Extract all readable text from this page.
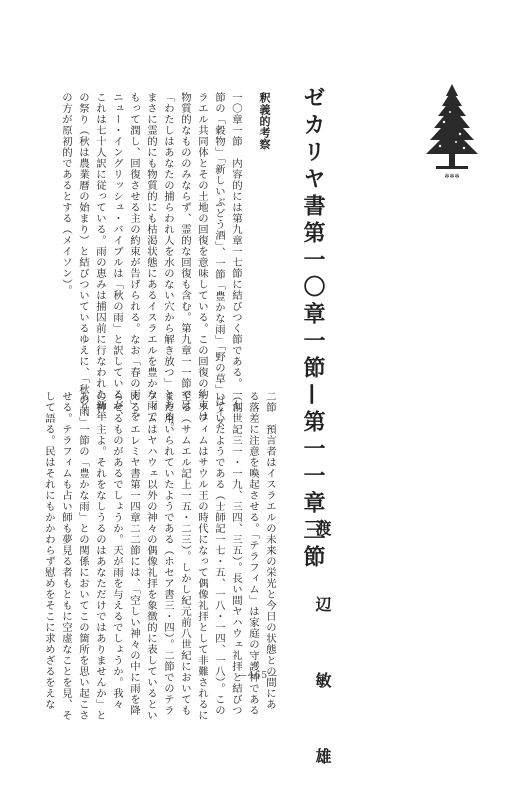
✻✻✻
ゼカリヤ書第一〇章一節—第一一章三節
渡　辺　敏　雄
釈義的考察
一〇章一節　内容的には第九章一七節に結びつく節である。一七
節の「穀物」「新しいぶどう酒」、一節「豊かな雨」「野の草」はイス
ラエル共同体とその土地の回復を意味している。この回復の約束は
物質的なもののみならず、霊的な回復も含む。第九章一一節では
「わたしはあなたの捕らわれ人を水のない穴から解き放つ」とある。
まさに霊的にも物質的にも枯渇状態にあるイスラエルを豊かな雨で
もって潤し、回復させる主の約束が告げられる。なお「春の雨」を
ニュー・イングリッシュ・バイブルは「秋の雨」と訳しているが、
これは七十人訳に従っている。雨の恵みは捕囚前に行なわれた新年
の祭り（秋は農業暦の始まり）と結びついているゆえに、「秋の雨」
の方が原初的であるとする（メイソン）。
二節　預言者はイスラエルの未来の栄光と今日の状態との間にあ
る落差に注意を喚起させる。「テラフィム」は家庭の守護神である
（創世記三一・一九、三四、三五）。長い間ヤハウェ礼拝と結びつ
いていたようである（士師記一七・五、一八・一四、一八）。この
テラフィムはサウル王の時代になって偶像礼拝として非難されるに
至る（サムエル記上一五・二三）。しかし紀元前八世紀においても
まだ用いられていたようである（ホセア書三・四）。二節でのテラ
フィムはヤハウェ以外の神々の偶像礼拝を象徴的に表しているとい
える。エレミヤ書第一四章二二節には、「空しい神々の中に雨を降
らせるものがあるでしょうか。天が雨を与えるでしょうか。我々
の神、主よ。それをなしうるのはあなただけではありませんか」と
あり、一節の「豊かな雨」との関係においてこの箇所を思い起こさ
せる。テラフィムも占い師も夢見る者もともに空虚なことを見、そ
して語る。民はそれにもかかわらず慰めをそこに求めざるをえな	—465—
